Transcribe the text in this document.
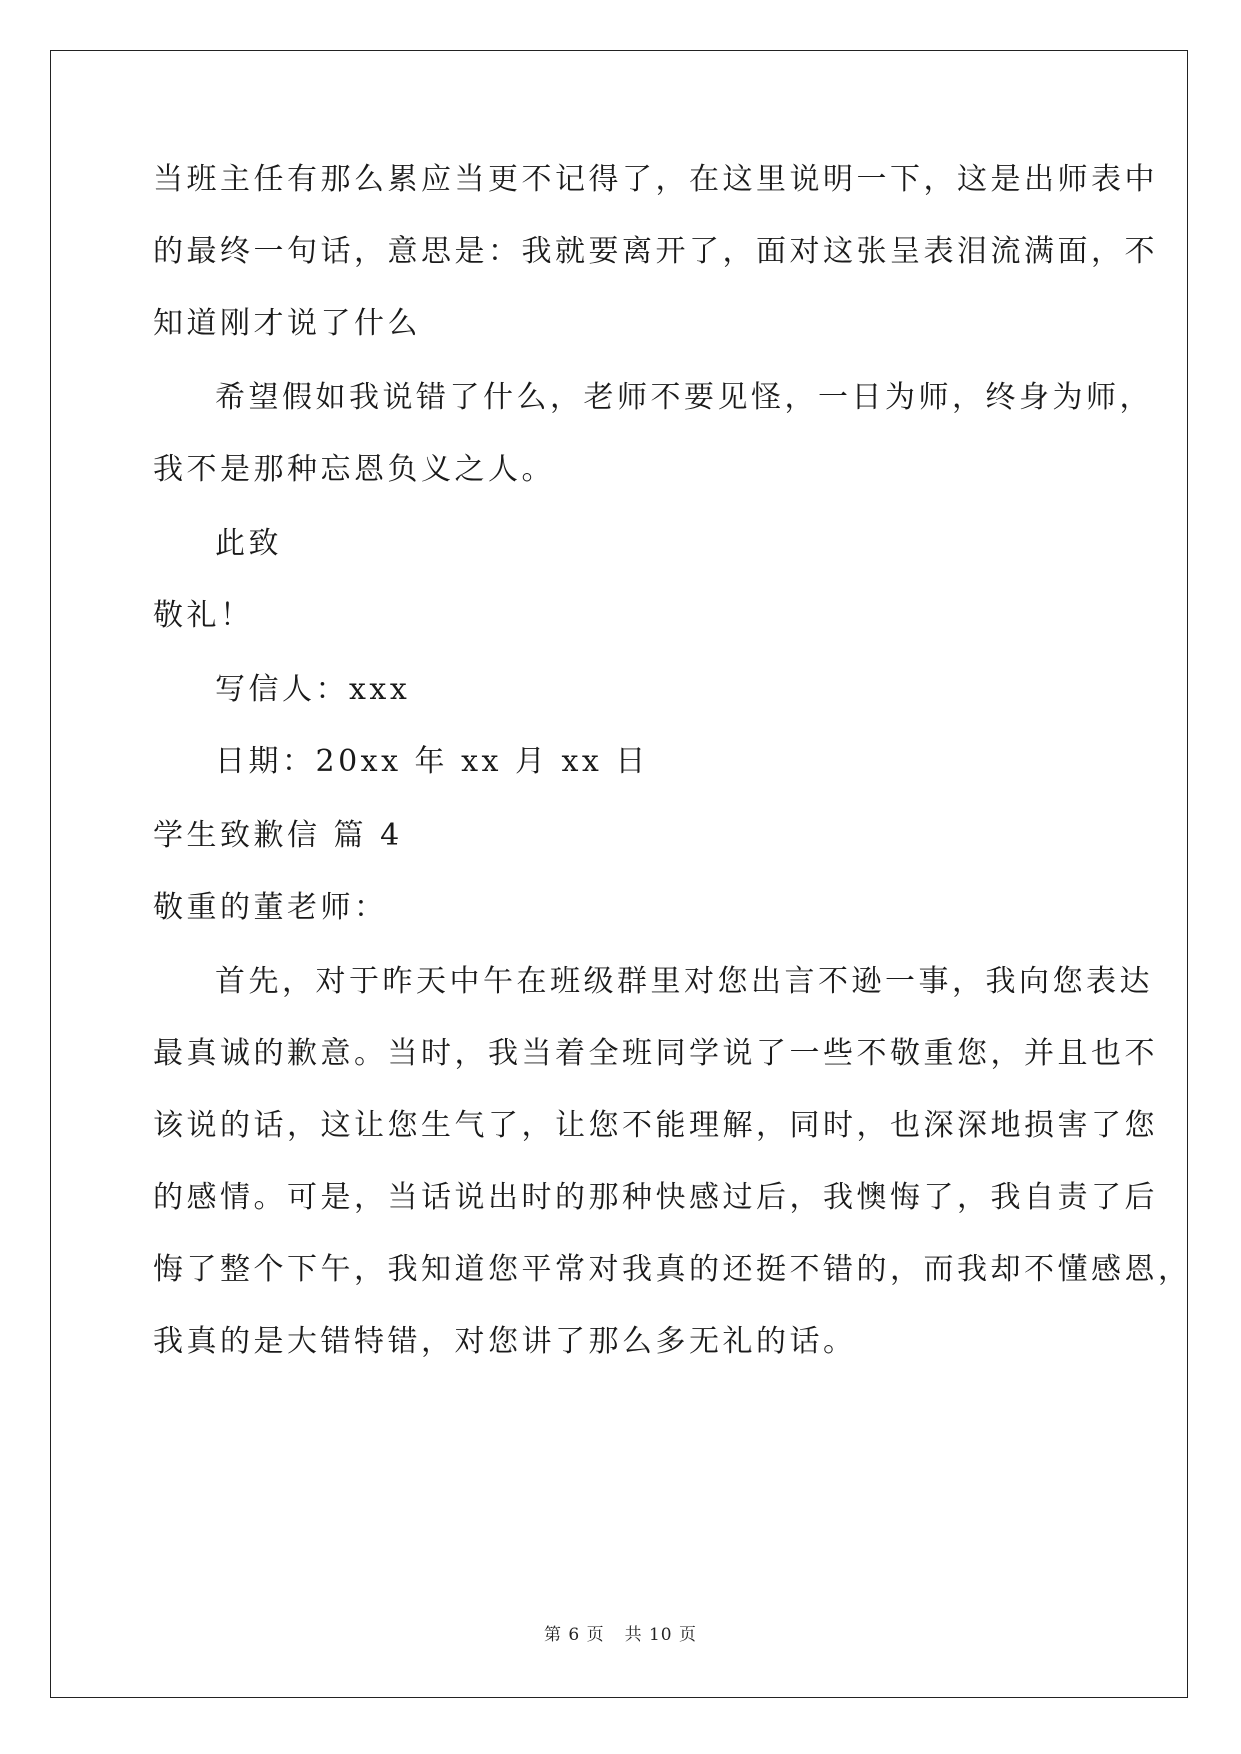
当班主任有那么累应当更不记得了，在这里说明一下，这是出师表中
的最终一句话，意思是：我就要离开了，面对这张呈表泪流满面，不
知道刚才说了什么
希望假如我说错了什么，老师不要见怪，一日为师，终身为师，
我不是那种忘恩负义之人。
此致
敬礼！
写信人：xxx
日期：20xx 年 xx 月 xx 日
学生致歉信 篇 4
敬重的董老师：
首先，对于昨天中午在班级群里对您出言不逊一事，我向您表达
最真诚的歉意。当时，我当着全班同学说了一些不敬重您，并且也不
该说的话，这让您生气了，让您不能理解，同时，也深深地损害了您
的感情。可是，当话说出时的那种快感过后，我懊悔了，我自责了后
悔了整个下午，我知道您平常对我真的还挺不错的，而我却不懂感恩，
我真的是大错特错，对您讲了那么多无礼的话。
第 6 页 共 10 页
